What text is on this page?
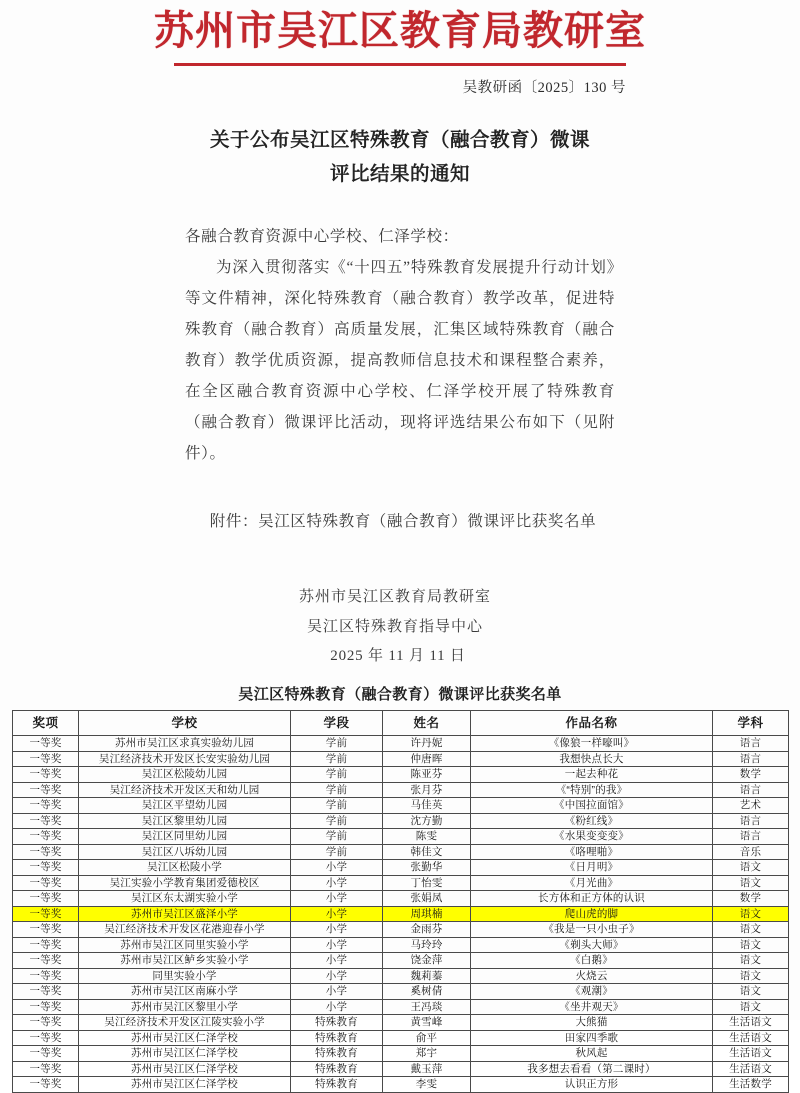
苏州市吴江区教育局教研室
吴教研函〔2025〕130 号
关于公布吴江区特殊教育（融合教育）微课
评比结果的通知

各融合教育资源中心学校、仁泽学校：

为深入贯彻落实《“十四五”特殊教育发展提升行动计划》等文件精神，深化特殊教育（融合教育）教学改革，促进特殊教育（融合教育）高质量发展，汇集区域特殊教育（融合教育）教学优质资源，提高教师信息技术和课程整合素养，在全区融合教育资源中心学校、仁泽学校开展了特殊教育（融合教育）微课评比活动，现将评选结果公布如下（见附件）。

附件：吴江区特殊教育（融合教育）微课评比获奖名单
苏州市吴江区教育局教研室
吴江区特殊教育指导中心
2025 年 11 月 11 日
吴江区特殊教育（融合教育）微课评比获奖名单
奖项	学校	学段	姓名	作品名称	学科
一等奖	苏州市吴江区求真实验幼儿园	学前	许丹妮	《像狼一样嚎叫》	语言
一等奖	吴江经济技术开发区长安实验幼儿园	学前	仲唐晖	我想快点长大	语言
一等奖	吴江区松陵幼儿园	学前	陈亚芬	一起去种花	数学
一等奖	吴江经济技术开发区天和幼儿园	学前	张月芬	《“特别”的我》	语言
一等奖	吴江区平望幼儿园	学前	马佳英	《中国拉面馆》	艺术
一等奖	吴江区黎里幼儿园	学前	沈方勤	《粉红线》	语言
一等奖	吴江区同里幼儿园	学前	陈雯	《水果变变变》	语言
一等奖	吴江区八坼幼儿园	学前	韩佳文	《咯哩啪》	音乐
一等奖	吴江区松陵小学	小学	张勤华	《日月明》	语文
一等奖	吴江实验小学教育集团爱德校区	小学	丁怡雯	《月光曲》	语文
一等奖	吴江区东太湖实验小学	小学	张娟凤	长方体和正方体的认识	数学
一等奖	苏州市吴江区盛泽小学	小学	周琪楠	爬山虎的脚	语文
一等奖	吴江经济技术开发区花港迎春小学	小学	金雨芬	《我是一只小虫子》	语文
一等奖	苏州市吴江区同里实验小学	小学	马玲玲	《剃头大师》	语文
一等奖	苏州市吴江区鲈乡实验小学	小学	饶金萍	《白鹅》	语文
一等奖	同里实验小学	小学	魏莉蓁	火烧云	语文
一等奖	苏州市吴江区南麻小学	小学	奚树倩	《观潮》	语文
一等奖	苏州市吴江区黎里小学	小学	王冯琰	《坐井观天》	语文
一等奖	吴江经济技术开发区江陵实验小学	特殊教育	黄雪峰	大熊猫	生活语文
一等奖	苏州市吴江区仁泽学校	特殊教育	俞平	田家四季歌	生活语文
一等奖	苏州市吴江区仁泽学校	特殊教育	郑宇	秋风起	生活语文
一等奖	苏州市吴江区仁泽学校	特殊教育	戴玉萍	我多想去看看（第二课时）	生活语文
一等奖	苏州市吴江区仁泽学校	特殊教育	李雯	认识正方形	生活数学
